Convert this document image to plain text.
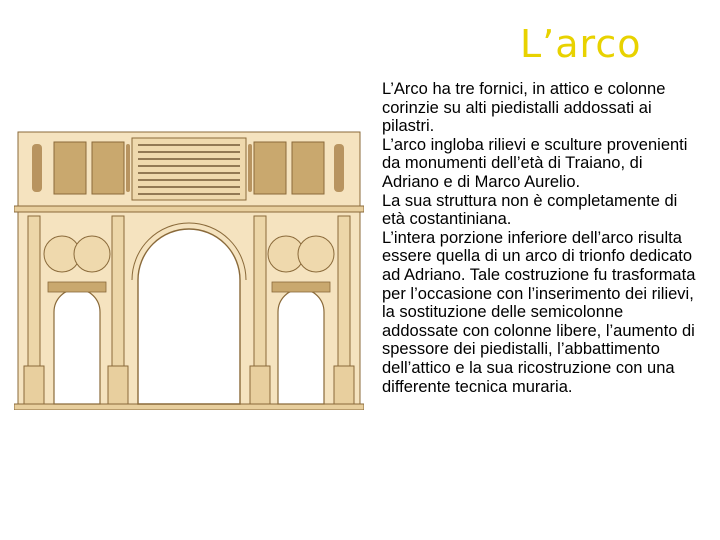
L’arco

L’Arco ha tre fornici, in attico e colonne corinzie su alti piedistalli addossati ai pilastri.

L’arco ingloba rilievi e sculture provenienti da monumenti dell’età di Traiano, di Adriano e di Marco Aurelio.

La sua struttura non è completamente di età costantiniana.

L’intera porzione inferiore dell’arco risulta essere quella di un arco di trionfo dedicato ad Adriano. Tale costruzione fu trasformata per l’occasione con l’inserimento dei rilievi, la sostituzione delle semicolonne addossate con colonne libere, l’aumento di spessore dei piedistalli, l’abbattimento dell’attico e la sua ricostruzione con una differente tecnica muraria.
